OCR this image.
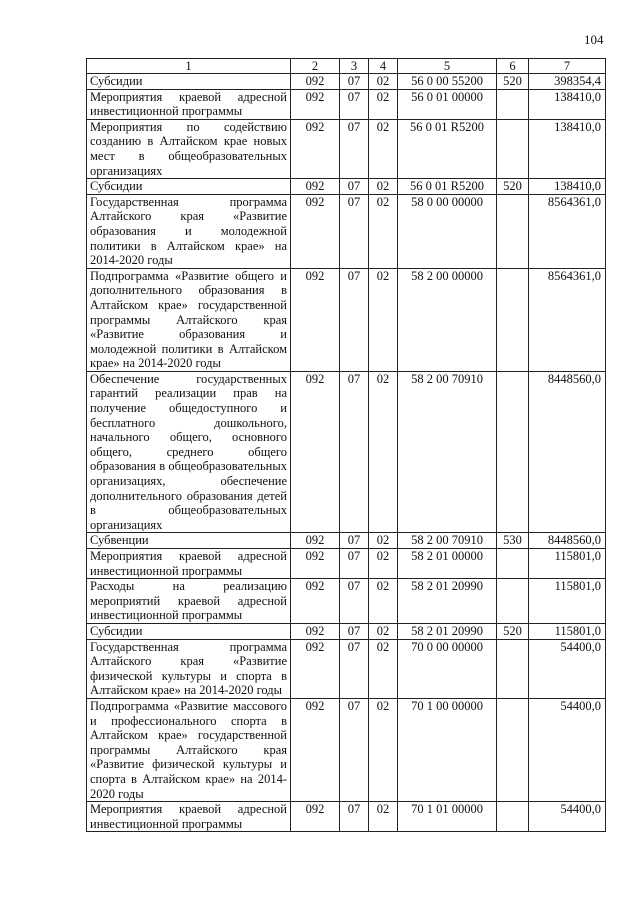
104
1	2	3	4	5	6	7
Субсидии	092	07	02	56 0 00 55200	520	398354,4
Мероприятия краевой адресной инвестиционной программы	092	07	02	56 0 01 00000		138410,0
Мероприятия по содействию созданию в Алтайском крае новых мест в общеобразовательных организациях	092	07	02	56 0 01 R5200		138410,0
Субсидии	092	07	02	56 0 01 R5200	520	138410,0
Государственная программа Алтайского края «Развитие образования и молодежной политики в Алтайском крае» на 2014-2020 годы	092	07	02	58 0 00 00000		8564361,0
Подпрограмма «Развитие общего и дополнительного образования в Алтайском крае» государственной программы Алтайского края «Развитие образования и молодежной политики в Алтайском крае» на 2014-2020 годы	092	07	02	58 2 00 00000		8564361,0
Обеспечение государственных гарантий реализации прав на получение общедоступного и бесплатного дошкольного, начального общего, основного общего, среднего общего образования в общеобразовательных организациях, обеспечение дополнительного образования детей в общеобразовательных организациях	092	07	02	58 2 00 70910		8448560,0
Субвенции	092	07	02	58 2 00 70910	530	8448560,0
Мероприятия краевой адресной инвестиционной программы	092	07	02	58 2 01 00000		115801,0
Расходы на реализацию мероприятий краевой адресной инвестиционной программы	092	07	02	58 2 01 20990		115801,0
Субсидии	092	07	02	58 2 01 20990	520	115801,0
Государственная программа Алтайского края «Развитие физической культуры и спорта в Алтайском крае» на 2014-2020 годы	092	07	02	70 0 00 00000		54400,0
Подпрограмма «Развитие массового и профессионального спорта в Алтайском крае» государственной программы Алтайского края «Развитие физической культуры и спорта в Алтайском крае» на 2014-2020 годы	092	07	02	70 1 00 00000		54400,0
Мероприятия краевой адресной инвестиционной программы	092	07	02	70 1 01 00000		54400,0
